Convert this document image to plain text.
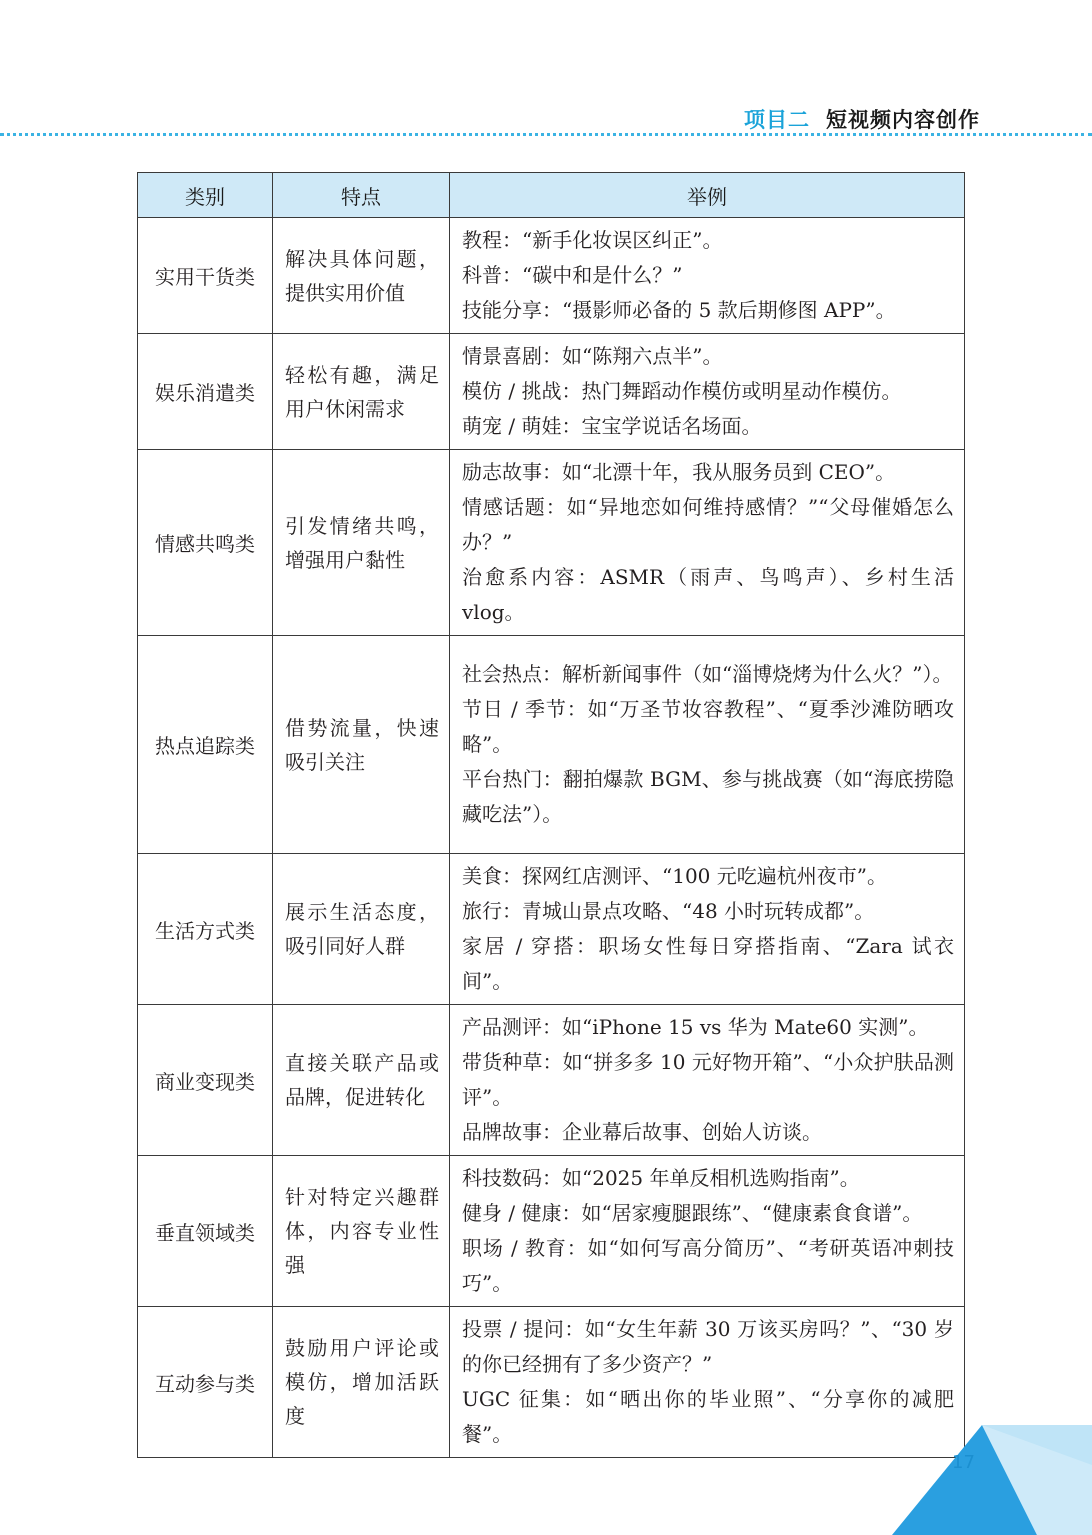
项目二 短视频内容创作
类别	特点	举例
实用干货类	解决具体问题，提供实用价值	教程：“新手化妆误区纠正”。
科普：“碳中和是什么？”
技能分享：“摄影师必备的 5 款后期修图 APP”。

娱乐消遣类	轻松有趣，满足用户休闲需求	情景喜剧：如“陈翔六点半”。
模仿 / 挑战：热门舞蹈动作模仿或明星动作模仿。
萌宠 / 萌娃：宝宝学说话名场面。

情感共鸣类	引发情绪共鸣，增强用户黏性	励志故事：如“北漂十年，我从服务员到 CEO”。
情感话题：如“异地恋如何维持感情？”“父母催婚怎么办？”
治愈系内容：ASMR（雨声、鸟鸣声）、乡村生活 vlog。

热点追踪类	借势流量，快速吸引关注	社会热点：解析新闻事件（如“淄博烧烤为什么火？”）。
节日 / 季节：如“万圣节妆容教程”、“夏季沙滩防晒攻略”。
平台热门：翻拍爆款 BGM、参与挑战赛（如“海底捞隐藏吃法”）。

生活方式类	展示生活态度，吸引同好人群	美食：探网红店测评、“100 元吃遍杭州夜市”。
旅行：青城山景点攻略、“48 小时玩转成都”。
家居 / 穿搭：职场女性每日穿搭指南、“Zara 试衣间”。

商业变现类	直接关联产品或品牌，促进转化	产品测评：如“iPhone 15 vs 华为 Mate60 实测”。
带货种草：如“拼多多 10 元好物开箱”、“小众护肤品测评”。
品牌故事：企业幕后故事、创始人访谈。

垂直领域类	针对特定兴趣群体，内容专业性强	科技数码：如“2025 年单反相机选购指南”。
健身 / 健康：如“居家瘦腿跟练”、“健康素食食谱”。
职场 / 教育：如“如何写高分简历”、“考研英语冲刺技巧”。

互动参与类	鼓励用户评论或模仿，增加活跃度	投票 / 提问：如“女生年薪 30 万该买房吗？”、“30 岁的你已经拥有了多少资产？”
UGC 征集：如“晒出你的毕业照”、“分享你的减肥餐”。
17
